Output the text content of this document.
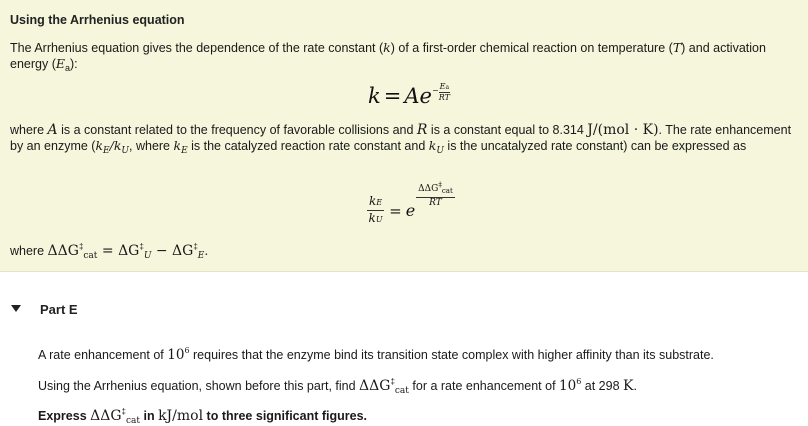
Using the Arrhenius equation
The Arrhenius equation gives the dependence of the rate constant (k) of a first-order chemical reaction on temperature (T) and activation energy $(E_a)$:
$k = Ae- \frac{Ea}{RT}$
where A is a constant related to the frequency of favorable collisions and R is a constant equal to 8.314 J/(mol · K). The rate enhancement by an enzyme ($k_E/k_U$, where $k_E$ is the catalyzed reaction rate constant and $k_U$ is the uncatalyzed rate constant) can be expressed as
$\frac{kE}{kU} = e$
$\frac{\Delta\Delta G^\ddagger_{cat}}{RT}$
where $\Delta\Delta G^\ddagger_{cat} = \Delta G^\ddagger_U - \Delta G^\ddagger_E$.
Part E
A rate enhancement of $10^6$ requires that the enzyme bind its transition state complex with higher affinity than its substrate.
Using the Arrhenius equation, shown before this part, find $\Delta\Delta G^\ddagger_{cat}$ for a rate enhancement of $10^6$ at 298 K.
Express $\Delta\Delta G^\ddagger_{cat}$ in kJ/mol to three significant figures.
